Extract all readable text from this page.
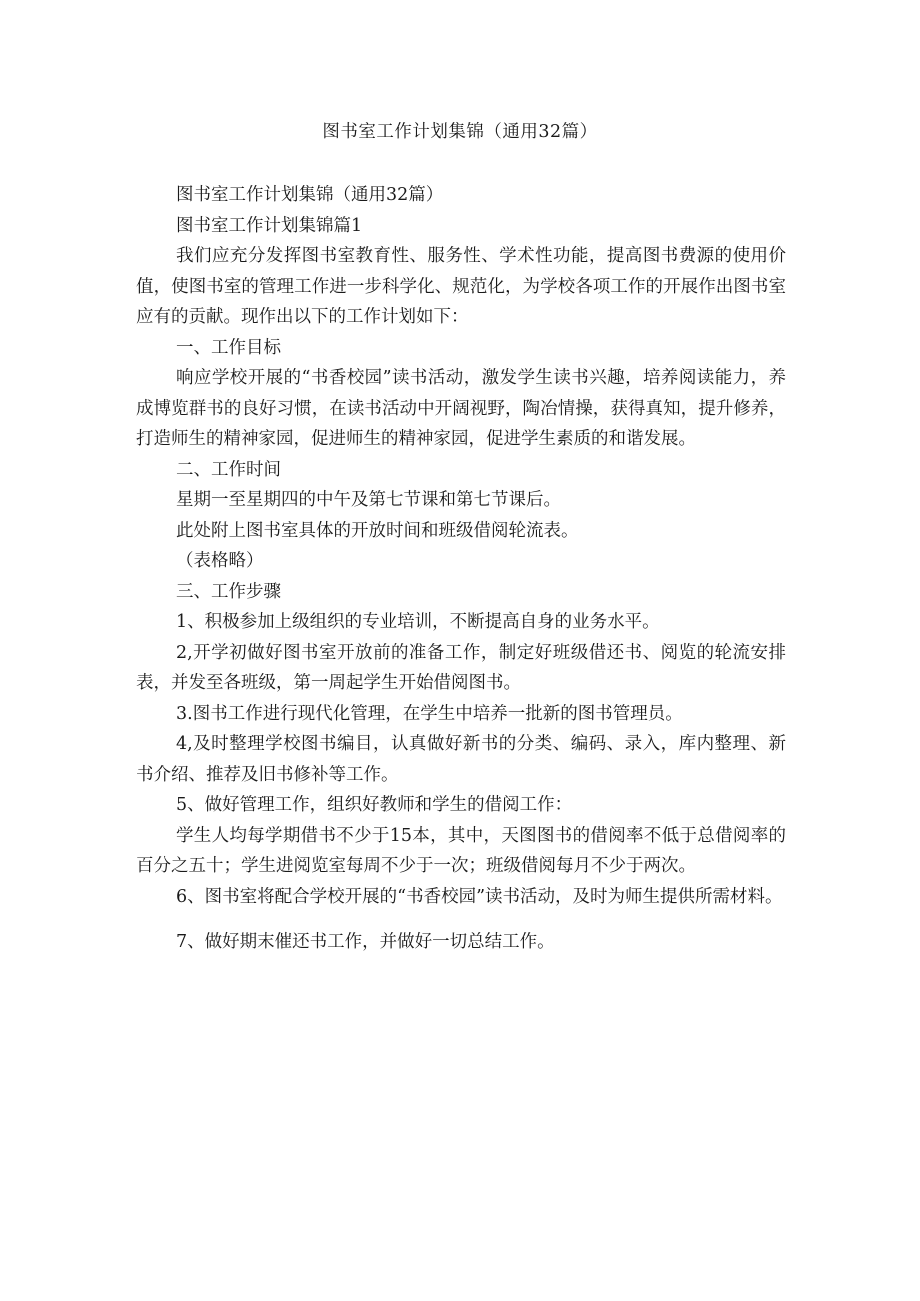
图书室工作计划集锦（通用32篇）

图书室工作计划集锦（通用32篇）

图书室工作计划集锦篇1

我们应充分发挥图书室教育性、服务性、学术性功能，提高图书费源的使用价值，使图书室的管理工作进一步科学化、规范化，为学校各项工作的开展作出图书室应有的贡献。现作出以下的工作计划如下：

一、工作目标

响应学校开展的“书香校园”读书活动，激发学生读书兴趣，培养阅读能力，养成博览群书的良好习惯，在读书活动中开阔视野，陶冶情操，获得真知，提升修养，打造师生的精神家园，促进师生的精神家园，促进学生素质的和谐发展。

二、工作时间

星期一至星期四的中午及第七节课和第七节课后。

此处附上图书室具体的开放时间和班级借阅轮流表。

（表格略）

三、工作步骤

1、积极参加上级组织的专业培训，不断提高自身的业务水平。

2,开学初做好图书室开放前的准备工作，制定好班级借还书、阅览的轮流安排表，并发至各班级，第一周起学生开始借阅图书。

3.图书工作进行现代化管理，在学生中培养一批新的图书管理员。

4,及时整理学校图书编目，认真做好新书的分类、编码、录入，库内整理、新书介绍、推荐及旧书修补等工作。

5、做好管理工作，组织好教师和学生的借阅工作：

学生人均每学期借书不少于15本，其中，天图图书的借阅率不低于总借阅率的百分之五十；学生进阅览室每周不少于一次；班级借阅每月不少于两次。

6、图书室将配合学校开展的“书香校园”读书活动，及时为师生提供所需材料。

7、做好期末催还书工作，并做好一切总结工作。
